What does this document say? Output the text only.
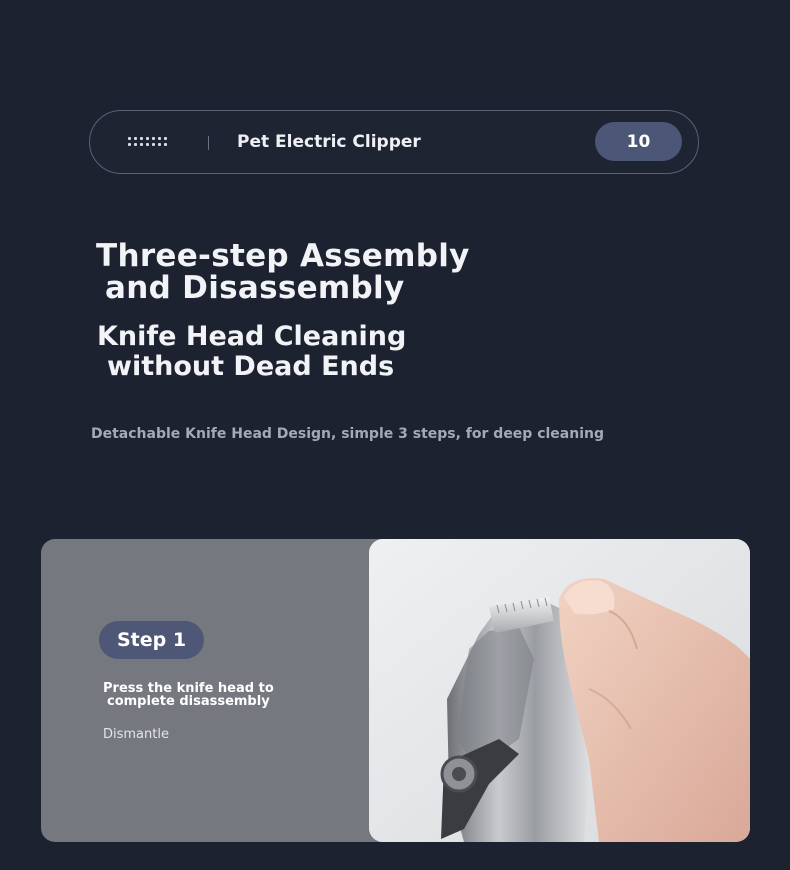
Pet Electric Clipper	10
Three-step Assembly
and Disassembly
Knife Head Cleaning
without Dead Ends
Detachable Knife Head Design, simple 3 steps, for deep cleaning
Step 1
Press the knife head to
complete disassembly
Dismantle
